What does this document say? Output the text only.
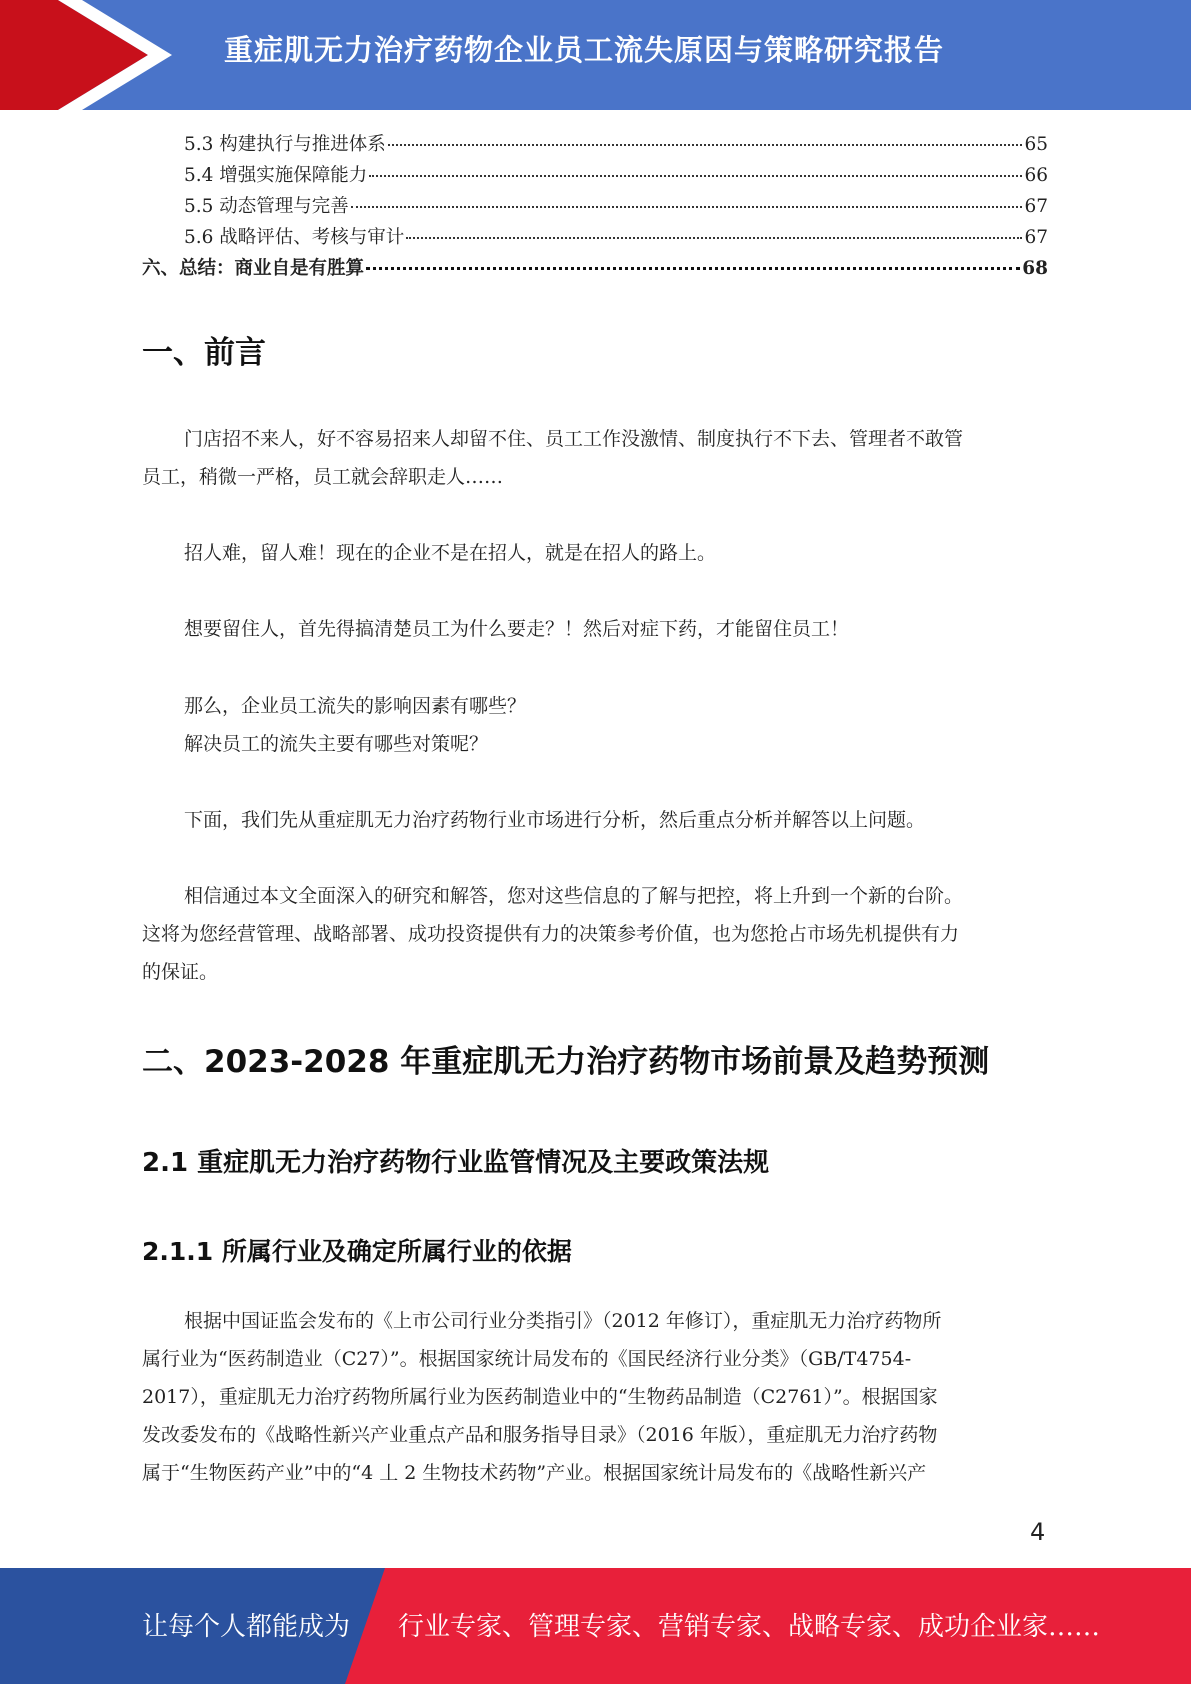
重症肌无力治疗药物企业员工流失原因与策略研究报告
5.3 构建执行与推进体系	65
5.4 增强实施保障能力	66
5.5 动态管理与完善	67
5.6 战略评估、考核与审计	67
六、总结：商业自是有胜算	68
一、前言

门店招不来人，好不容易招来人却留不住、员工工作没激情、制度执行不下去、管理者不敢管
员工，稍微一严格，员工就会辞职走人……

招人难，留人难！现在的企业不是在招人，就是在招人的路上。

想要留住人，首先得搞清楚员工为什么要走？！然后对症下药，才能留住员工！

那么，企业员工流失的影响因素有哪些？

解决员工的流失主要有哪些对策呢？

下面，我们先从重症肌无力治疗药物行业市场进行分析，然后重点分析并解答以上问题。

相信通过本文全面深入的研究和解答，您对这些信息的了解与把控，将上升到一个新的台阶。
这将为您经营管理、战略部署、成功投资提供有力的决策参考价值，也为您抢占市场先机提供有力
的保证。

二、2023-2028 年重症肌无力治疗药物市场前景及趋势预测
2.1 重症肌无力治疗药物行业监管情况及主要政策法规
2.1.1 所属行业及确定所属行业的依据

根据中国证监会发布的《上市公司行业分类指引》（2012 年修订），重症肌无力治疗药物所
属行业为“医药制造业（C27）”。根据国家统计局发布的《国民经济行业分类》（GB/T4754-
2017），重症肌无力治疗药物所属行业为医药制造业中的“生物药品制造（C2761）”。根据国家
发改委发布的《战略性新兴产业重点产品和服务指导目录》（2016 年版），重症肌无力治疗药物
属于“生物医药产业”中的“4 丄 2 生物技术药物”产业。根据国家统计局发布的《战略性新兴产

4
让每个人都能成为 行业专家、管理专家、营销专家、战略专家、成功企业家……
